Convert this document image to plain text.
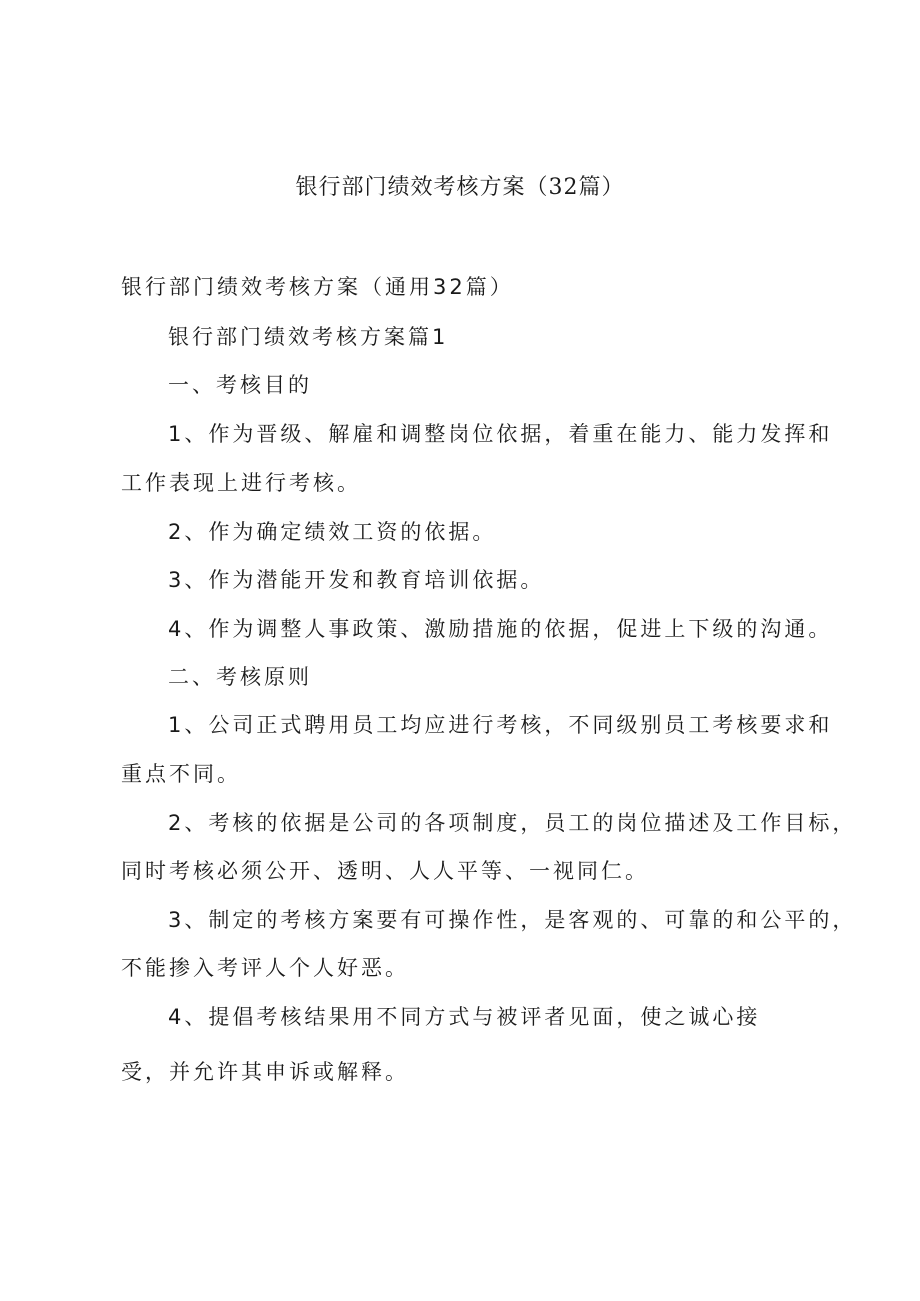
银行部门绩效考核方案（32篇）
银行部门绩效考核方案（通用32篇）
银行部门绩效考核方案篇1
一、考核目的
1、作为晋级、解雇和调整岗位依据，着重在能力、能力发挥和
工作表现上进行考核。
2、作为确定绩效工资的依据。
3、作为潜能开发和教育培训依据。
4、作为调整人事政策、激励措施的依据，促进上下级的沟通。
二、考核原则
1、公司正式聘用员工均应进行考核，不同级别员工考核要求和
重点不同。
2、考核的依据是公司的各项制度，员工的岗位描述及工作目标，
同时考核必须公开、透明、人人平等、一视同仁。
3、制定的考核方案要有可操作性，是客观的、可靠的和公平的，
不能掺入考评人个人好恶。
4、提倡考核结果用不同方式与被评者见面，使之诚心接
受，并允许其申诉或解释。
